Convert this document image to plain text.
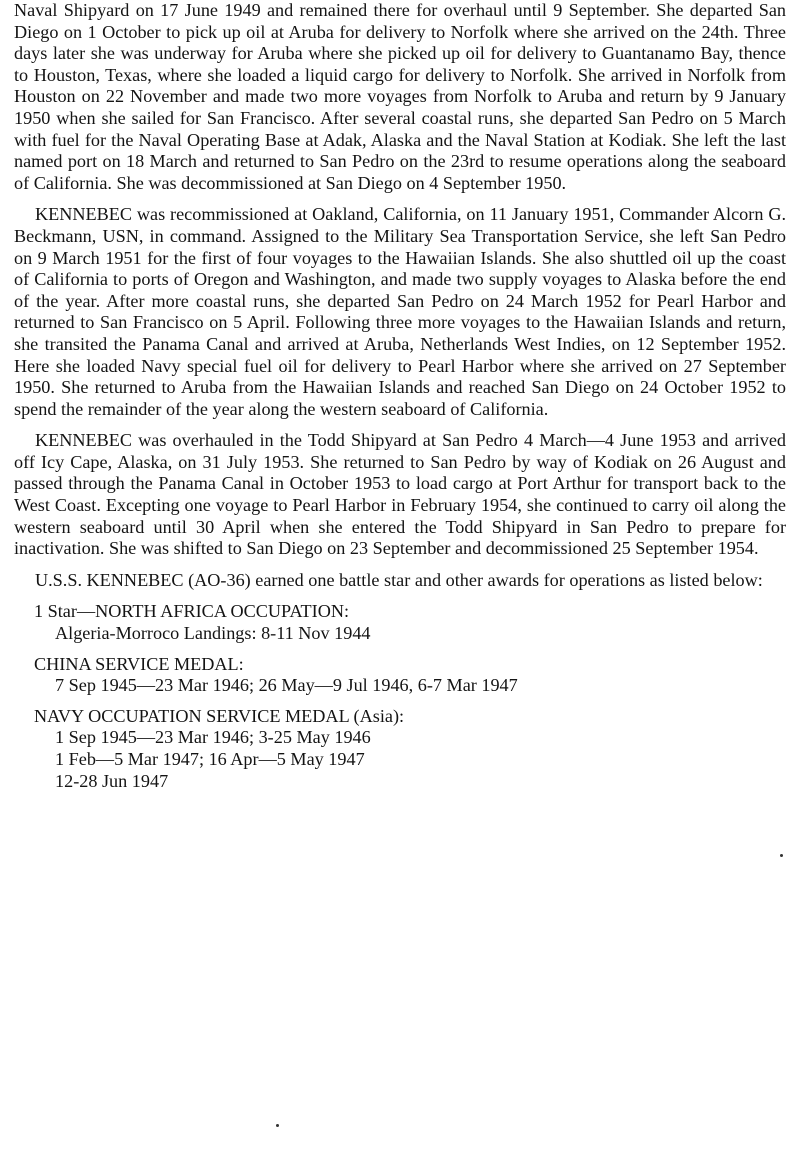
Naval Shipyard on 17 June 1949 and remained there for overhaul until 9 September. She departed San Diego on 1 October to pick up oil at Aruba for delivery to Norfolk where she arrived on the 24th. Three days later she was underway for Aruba where she picked up oil for delivery to Guantanamo Bay, thence to Houston, Texas, where she loaded a liquid cargo for delivery to Norfolk. She arrived in Norfolk from Houston on 22 November and made two more voyages from Norfolk to Aruba and return by 9 January 1950 when she sailed for San Francisco. After several coastal runs, she departed San Pedro on 5 March with fuel for the Naval Operating Base at Adak, Alaska and the Naval Station at Kodiak. She left the last named port on 18 March and returned to San Pedro on the 23rd to resume operations along the seaboard of California. She was decommissioned at San Diego on 4 September 1950.

KENNEBEC was recommissioned at Oakland, California, on 11 January 1951, Commander Alcorn G. Beckmann, USN, in command. Assigned to the Military Sea Transportation Service, she left San Pedro on 9 March 1951 for the first of four voyages to the Hawaiian Islands. She also shuttled oil up the coast of California to ports of Oregon and Washington, and made two supply voyages to Alaska before the end of the year. After more coastal runs, she departed San Pedro on 24 March 1952 for Pearl Harbor and returned to San Francisco on 5 April. Following three more voyages to the Hawaiian Islands and return, she transited the Panama Canal and arrived at Aruba, Netherlands West Indies, on 12 September 1952. Here she loaded Navy special fuel oil for delivery to Pearl Harbor where she arrived on 27 September 1950. She returned to Aruba from the Hawaiian Islands and reached San Diego on 24 October 1952 to spend the remainder of the year along the western seaboard of California.

KENNEBEC was overhauled in the Todd Shipyard at San Pedro 4 March—4 June 1953 and arrived off Icy Cape, Alaska, on 31 July 1953. She returned to San Pedro by way of Kodiak on 26 August and passed through the Panama Canal in October 1953 to load cargo at Port Arthur for transport back to the West Coast. Excepting one voyage to Pearl Harbor in February 1954, she continued to carry oil along the western seaboard until 30 April when she entered the Todd Shipyard in San Pedro to prepare for inactivation. She was shifted to San Diego on 23 September and decommissioned 25 September 1954.

U.S.S. KENNEBEC (AO-36) earned one battle star and other awards for operations as listed below:

1 Star—NORTH AFRICA OCCUPATION:
Algeria-Morroco Landings: 8-11 Nov 1944
CHINA SERVICE MEDAL:
7 Sep 1945—23 Mar 1946; 26 May—9 Jul 1946, 6-7 Mar 1947
NAVY OCCUPATION SERVICE MEDAL (Asia):
1 Sep 1945—23 Mar 1946; 3-25 May 1946
1 Feb—5 Mar 1947; 16 Apr—5 May 1947
12-28 Jun 1947
